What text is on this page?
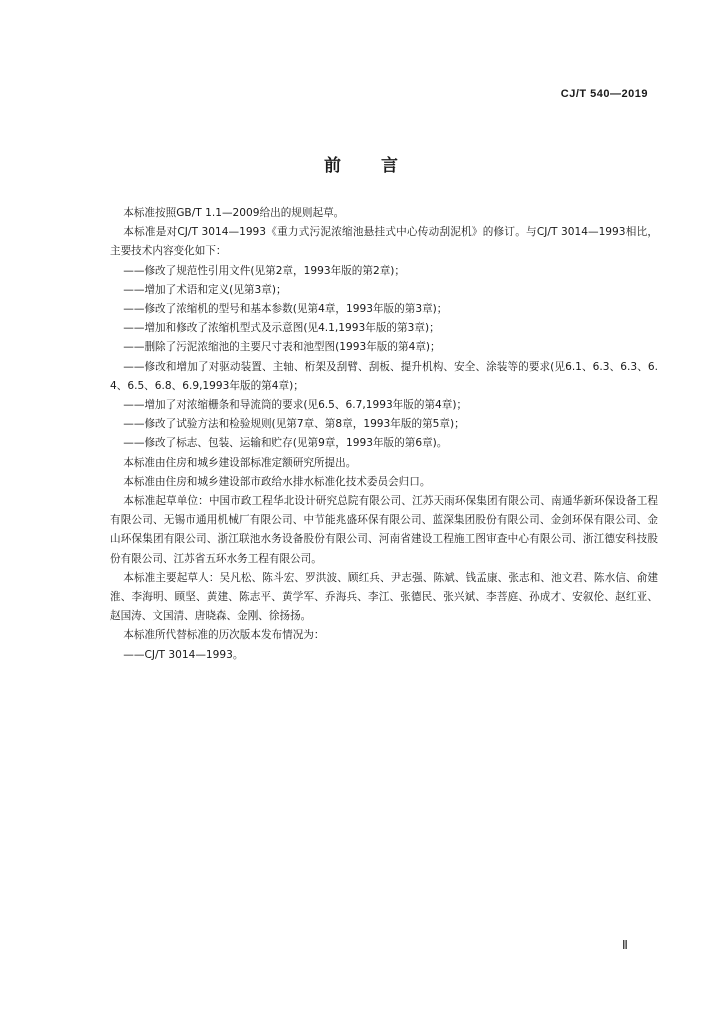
CJ/T 540—2019
前 言

本标准按照GB/T 1.1—2009给出的规则起草。

本标准是对CJ/T 3014—1993《重力式污泥浓缩池悬挂式中心传动刮泥机》的修订。与CJ/T 3014—1993相比，主要技术内容变化如下：

——修改了规范性引用文件(见第2章，1993年版的第2章)；

——增加了术语和定义(见第3章)；

——修改了浓缩机的型号和基本参数(见第4章，1993年版的第3章)；

——增加和修改了浓缩机型式及示意图(见4.1,1993年版的第3章)；

——删除了污泥浓缩池的主要尺寸表和池型图(1993年版的第4章)；

——修改和增加了对驱动装置、主轴、桁架及刮臂、刮板、提升机构、安全、涂装等的要求(见6.1、6.3、6.3、6.4、6.5、6.8、6.9,1993年版的第4章)；

——增加了对浓缩栅条和导流筒的要求(见6.5、6.7,1993年版的第4章)；

——修改了试验方法和检验规则(见第7章、第8章，1993年版的第5章)；

——修改了标志、包装、运输和贮存(见第9章，1993年版的第6章)。

本标准由住房和城乡建设部标准定额研究所提出。

本标准由住房和城乡建设部市政给水排水标准化技术委员会归口。

本标准起草单位：中国市政工程华北设计研究总院有限公司、江苏天雨环保集团有限公司、南通华新环保设备工程有限公司、无锡市通用机械厂有限公司、中节能兆盛环保有限公司、蓝深集团股份有限公司、金剑环保有限公司、金山环保集团有限公司、浙江联池水务设备股份有限公司、河南省建设工程施工图审查中心有限公司、浙江德安科技股份有限公司、江苏省五环水务工程有限公司。

本标准主要起草人：吴凡松、陈斗宏、罗洪波、顾红兵、尹志强、陈斌、钱孟康、张志和、池文君、陈水信、俞建淮、李海明、顾坚、黄建、陈志平、黄学军、乔海兵、李江、张德民、张兴斌、李菩庭、孙成才、安叙伦、赵红亚、赵国涛、文国清、唐晓森、金刚、徐扬扬。

本标准所代替标准的历次版本发布情况为：

——CJ/T 3014—1993。

Ⅱ
